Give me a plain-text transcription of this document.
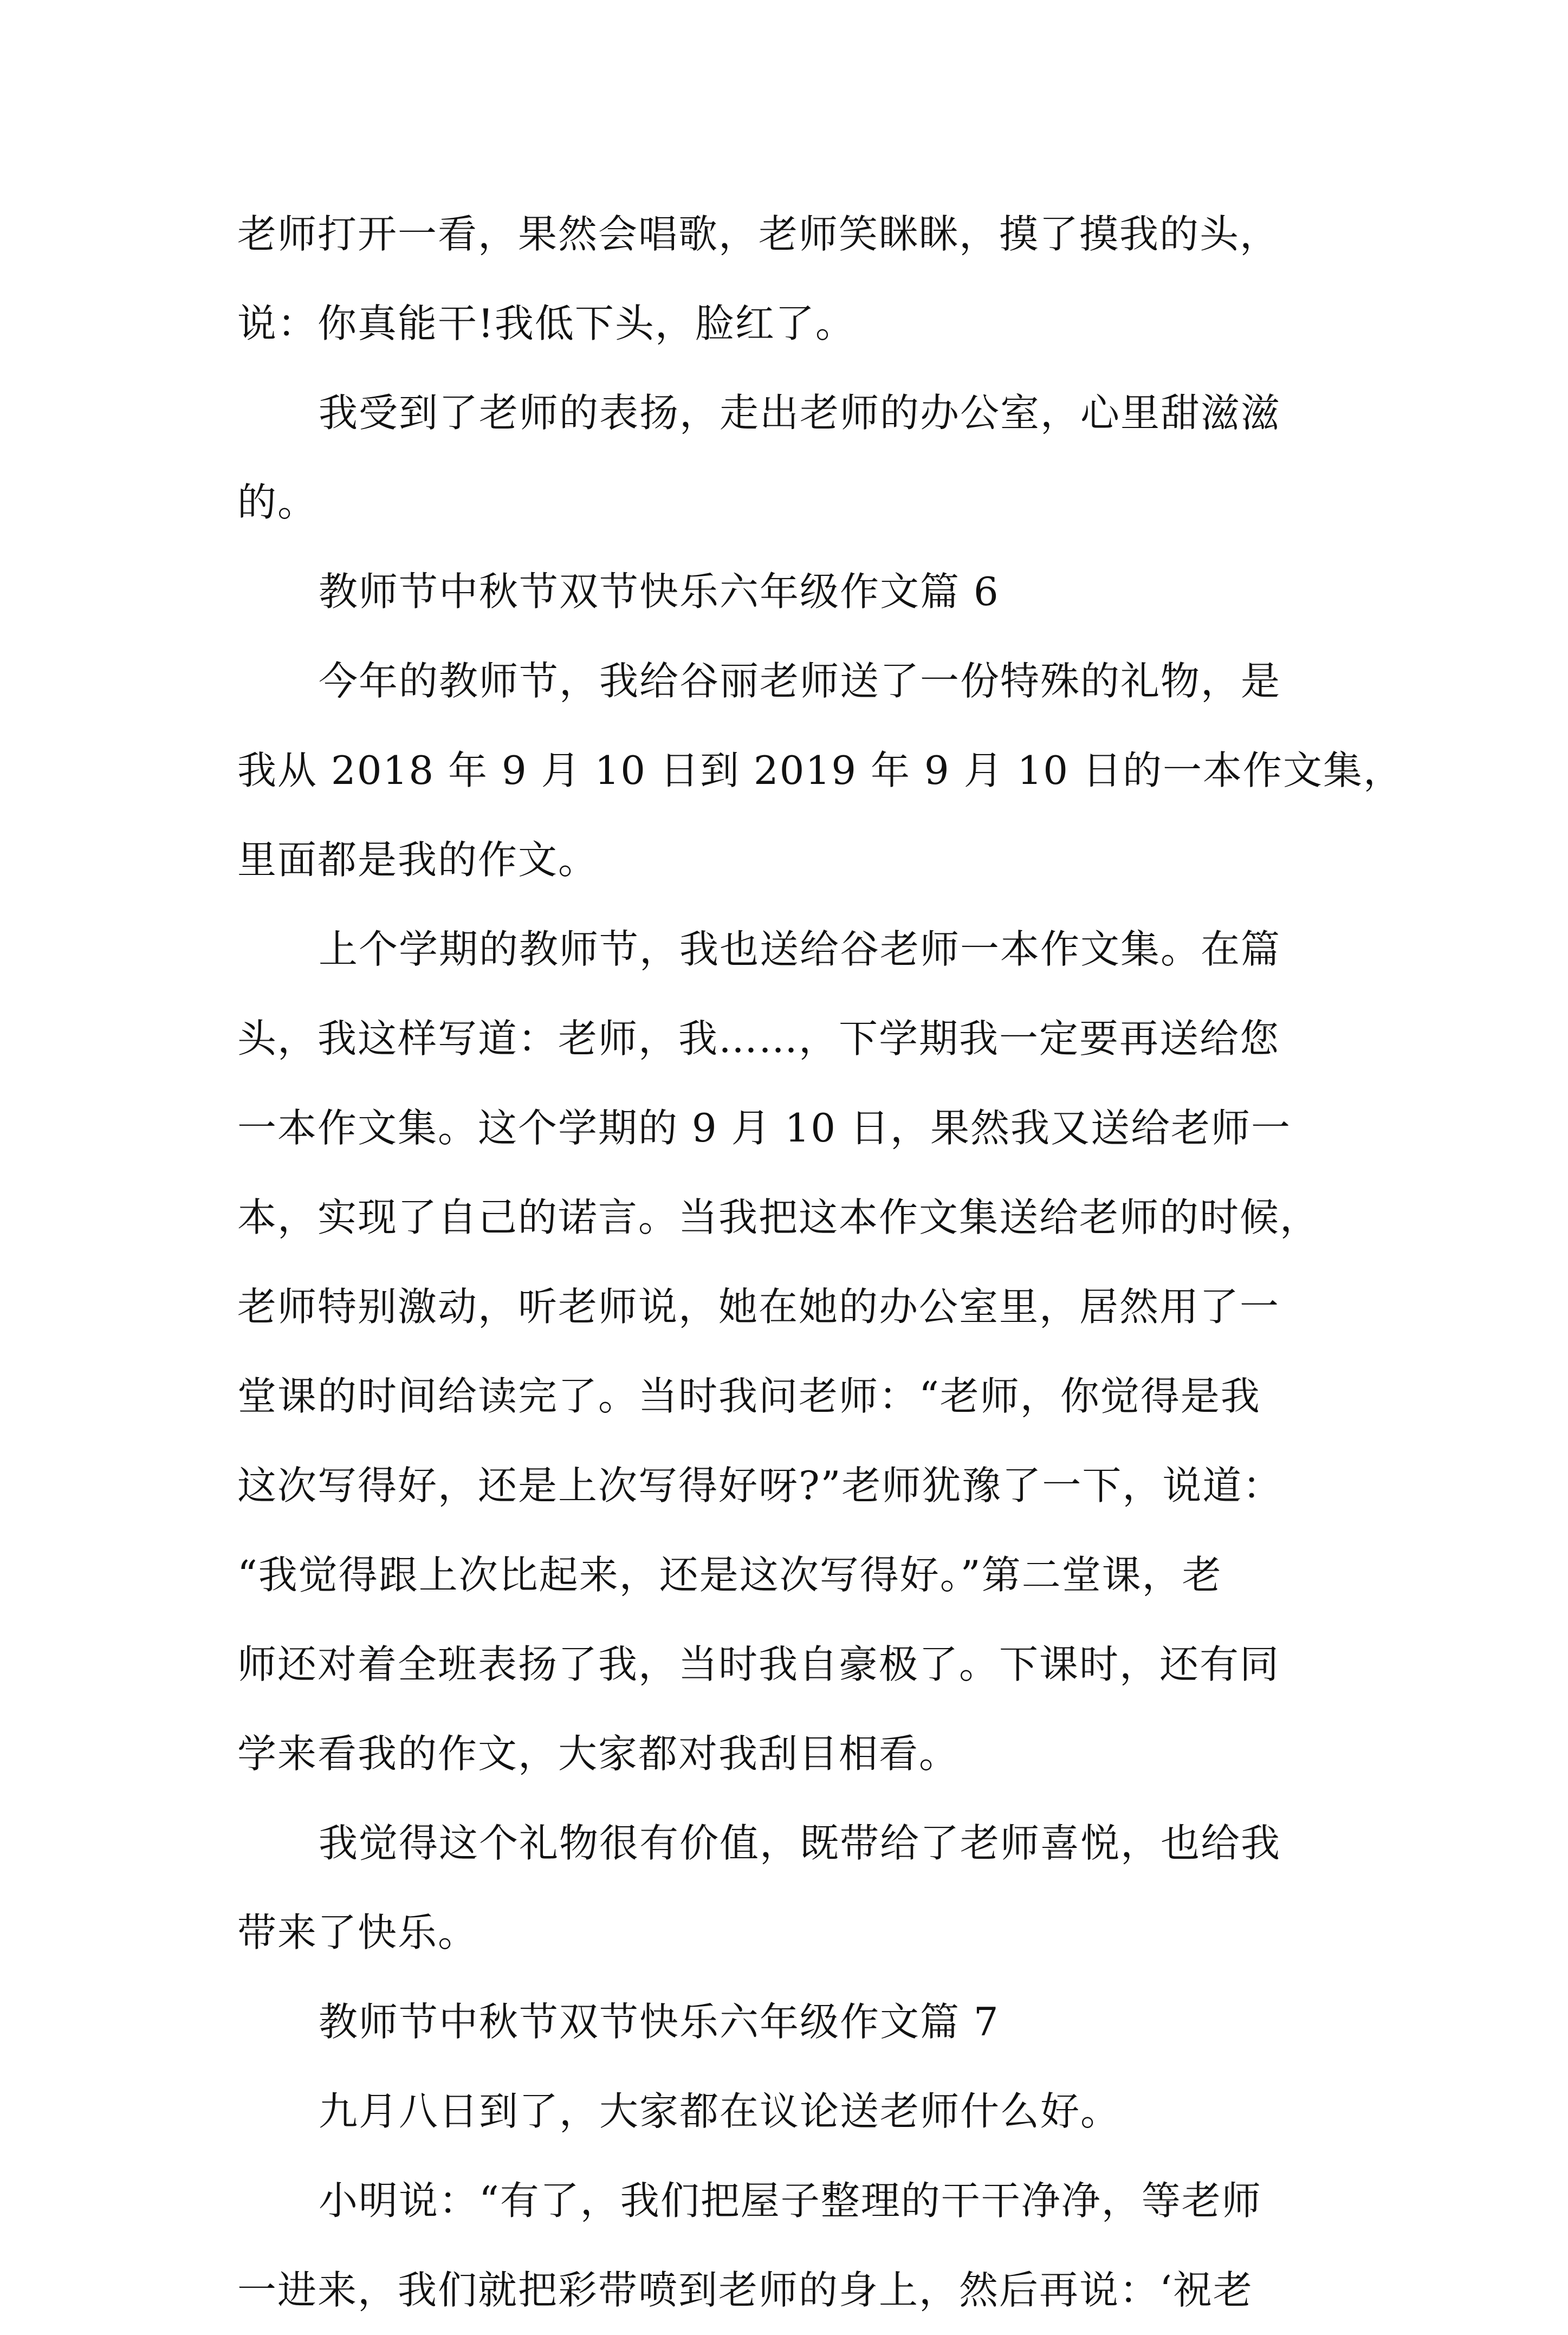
老师打开一看，果然会唱歌，老师笑眯眯，摸了摸我的头，
说：你真能干!我低下头，脸红了。
我受到了老师的表扬，走出老师的办公室，心里甜滋滋
的。
教师节中秋节双节快乐六年级作文篇 6
今年的教师节，我给谷丽老师送了一份特殊的礼物，是
我从 2018 年 9 月 10 日到 2019 年 9 月 10 日的一本作文集，
里面都是我的作文。
上个学期的教师节，我也送给谷老师一本作文集。在篇
头，我这样写道：老师，我……，下学期我一定要再送给您
一本作文集。这个学期的 9 月 10 日，果然我又送给老师一
本，实现了自己的诺言。当我把这本作文集送给老师的时候，
老师特别激动，听老师说，她在她的办公室里，居然用了一
堂课的时间给读完了。当时我问老师：“老师，你觉得是我
这次写得好，还是上次写得好呀?”老师犹豫了一下，说道：
“我觉得跟上次比起来，还是这次写得好。”第二堂课，老
师还对着全班表扬了我，当时我自豪极了。下课时，还有同
学来看我的作文，大家都对我刮目相看。
我觉得这个礼物很有价值，既带给了老师喜悦，也给我
带来了快乐。
教师节中秋节双节快乐六年级作文篇 7
九月八日到了，大家都在议论送老师什么好。
小明说：“有了，我们把屋子整理的干干净净，等老师
一进来，我们就把彩带喷到老师的身上，然后再说：‘祝老
